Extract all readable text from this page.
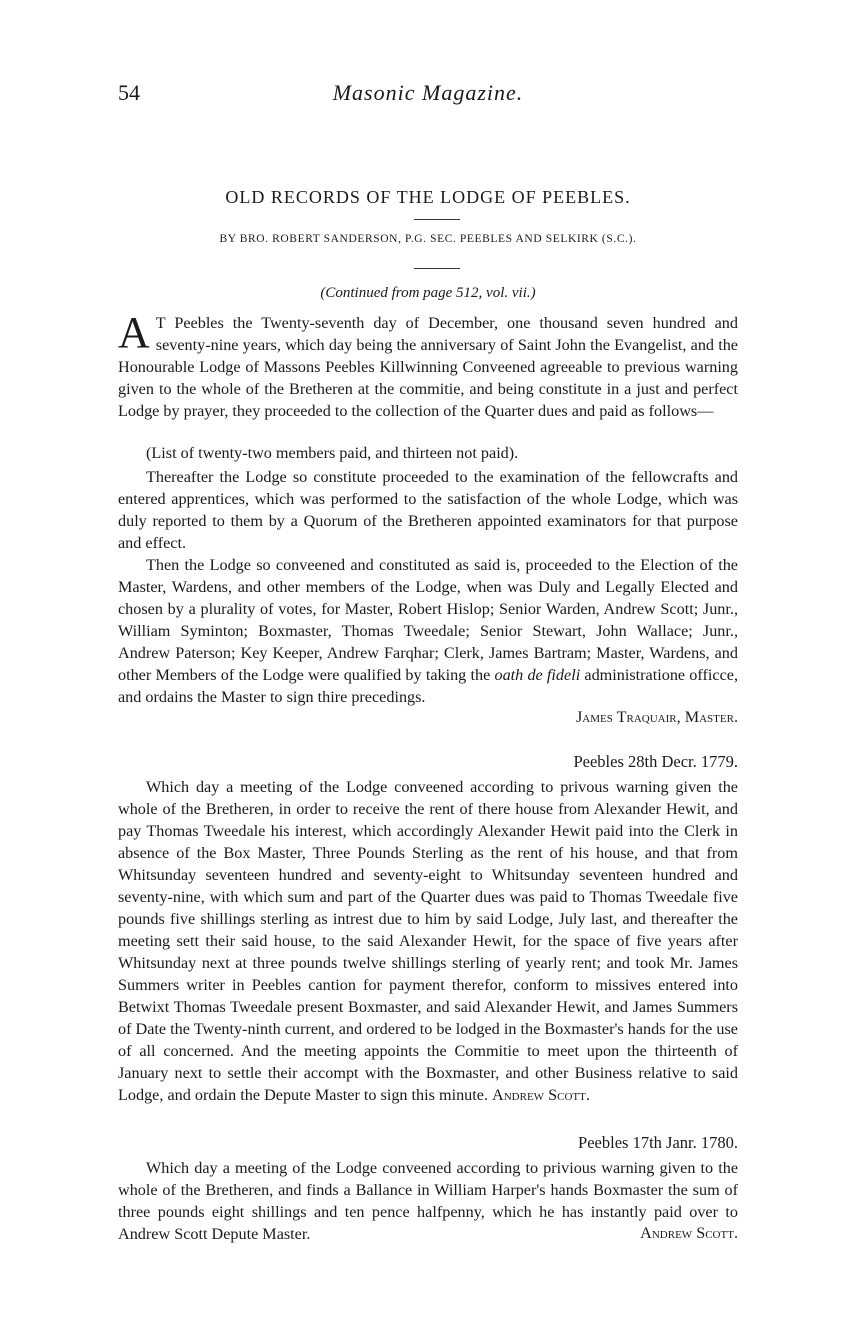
54	Masonic Magazine.
OLD RECORDS OF THE LODGE OF PEEBLES.
BY BRO. ROBERT SANDERSON, P.G. SEC. PEEBLES AND SELKIRK (S.C.).
(Continued from page 512, vol. vii.)

A T Peebles the Twenty-seventh day of December, one thousand seven hundred and seventy-nine years, which day being the anniversary of Saint John the Evangelist, and the Honourable Lodge of Massons Peebles Killwinning Conveened agreeable to previous warning given to the whole of the Bretheren at the commitie, and being constitute in a just and perfect Lodge by prayer, they proceeded to the collection of the Quarter dues and paid as follows—

(List of twenty-two members paid, and thirteen not paid).

Thereafter the Lodge so constitute proceeded to the examination of the fellowcrafts and entered apprentices, which was performed to the satisfaction of the whole Lodge, which was duly reported to them by a Quorum of the Bretheren appointed examinators for that purpose and effect.

Then the Lodge so conveened and constituted as said is, proceeded to the Election of the Master, Wardens, and other members of the Lodge, when was Duly and Legally Elected and chosen by a plurality of votes, for Master, Robert Hislop; Senior Warden, Andrew Scott; Junr., William Syminton; Boxmaster, Thomas Tweedale; Senior Stewart, John Wallace; Junr., Andrew Paterson; Key Keeper, Andrew Farqhar; Clerk, James Bartram; Master, Wardens, and other Members of the Lodge were qualified by taking the oath de fideli administratione officce, and ordains the Master to sign thire precedings.

James Traquair, Master.
Peebles 28th Decr. 1779.

Which day a meeting of the Lodge conveened according to privous warning given the whole of the Bretheren, in order to receive the rent of there house from Alexander Hewit, and pay Thomas Tweedale his interest, which accordingly Alexander Hewit paid into the Clerk in absence of the Box Master, Three Pounds Sterling as the rent of his house, and that from Whitsunday seventeen hundred and seventy-eight to Whitsunday seventeen hundred and seventy-nine, with which sum and part of the Quarter dues was paid to Thomas Tweedale five pounds five shillings sterling as intrest due to him by said Lodge, July last, and thereafter the meeting sett their said house, to the said Alexander Hewit, for the space of five years after Whitsunday next at three pounds twelve shillings sterling of yearly rent; and took Mr. James Summers writer in Peebles cantion for payment therefor, conform to missives entered into Betwixt Thomas Tweedale present Boxmaster, and said Alexander Hewit, and James Summers of Date the Twenty-ninth current, and ordered to be lodged in the Boxmaster's hands for the use of all concerned. And the meeting appoints the Commitie to meet upon the thirteenth of January next to settle their accompt with the Boxmaster, and other Business relative to said Lodge, and ordain the Depute Master to sign this minute. Andrew Scott.

Peebles 17th Janr. 1780.

Which day a meeting of the Lodge conveened according to privious warning given to the whole of the Bretheren, and finds a Ballance in William Harper's hands Boxmaster the sum of three pounds eight shillings and ten pence halfpenny, which he has instantly paid over to Andrew Scott Depute Master.	Andrew Scott.
